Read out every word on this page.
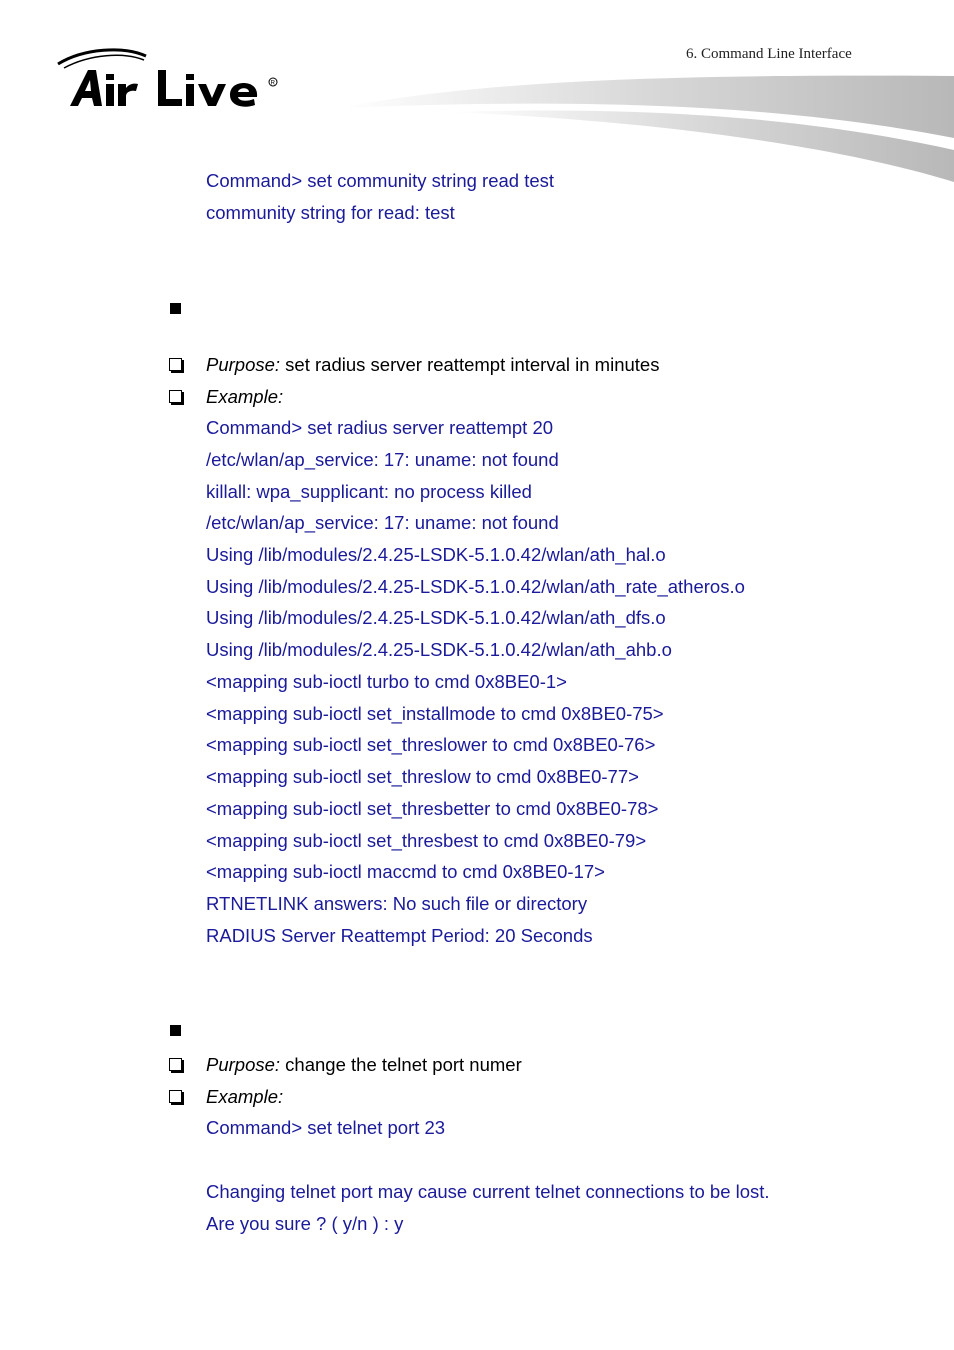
6. Command Line Interface
R
Command> set community string read test
community string for read: test
Purpose: set radius server reattempt interval in minutes
Example:
Command> set radius server reattempt 20
/etc/wlan/ap_service: 17: uname: not found
killall: wpa_supplicant: no process killed
/etc/wlan/ap_service: 17: uname: not found
Using /lib/modules/2.4.25-LSDK-5.1.0.42/wlan/ath_hal.o
Using /lib/modules/2.4.25-LSDK-5.1.0.42/wlan/ath_rate_atheros.o
Using /lib/modules/2.4.25-LSDK-5.1.0.42/wlan/ath_dfs.o
Using /lib/modules/2.4.25-LSDK-5.1.0.42/wlan/ath_ahb.o
<mapping sub-ioctl turbo to cmd 0x8BE0-1>
<mapping sub-ioctl set_installmode to cmd 0x8BE0-75>
<mapping sub-ioctl set_threslower to cmd 0x8BE0-76>
<mapping sub-ioctl set_threslow to cmd 0x8BE0-77>
<mapping sub-ioctl set_thresbetter to cmd 0x8BE0-78>
<mapping sub-ioctl set_thresbest to cmd 0x8BE0-79>
<mapping sub-ioctl maccmd to cmd 0x8BE0-17>
RTNETLINK answers: No such file or directory
RADIUS Server Reattempt Period: 20 Seconds
Purpose: change the telnet port numer
Example:
Command> set telnet port 23
Changing telnet port may cause current telnet connections to be lost.
Are you sure ? ( y/n ) : y
